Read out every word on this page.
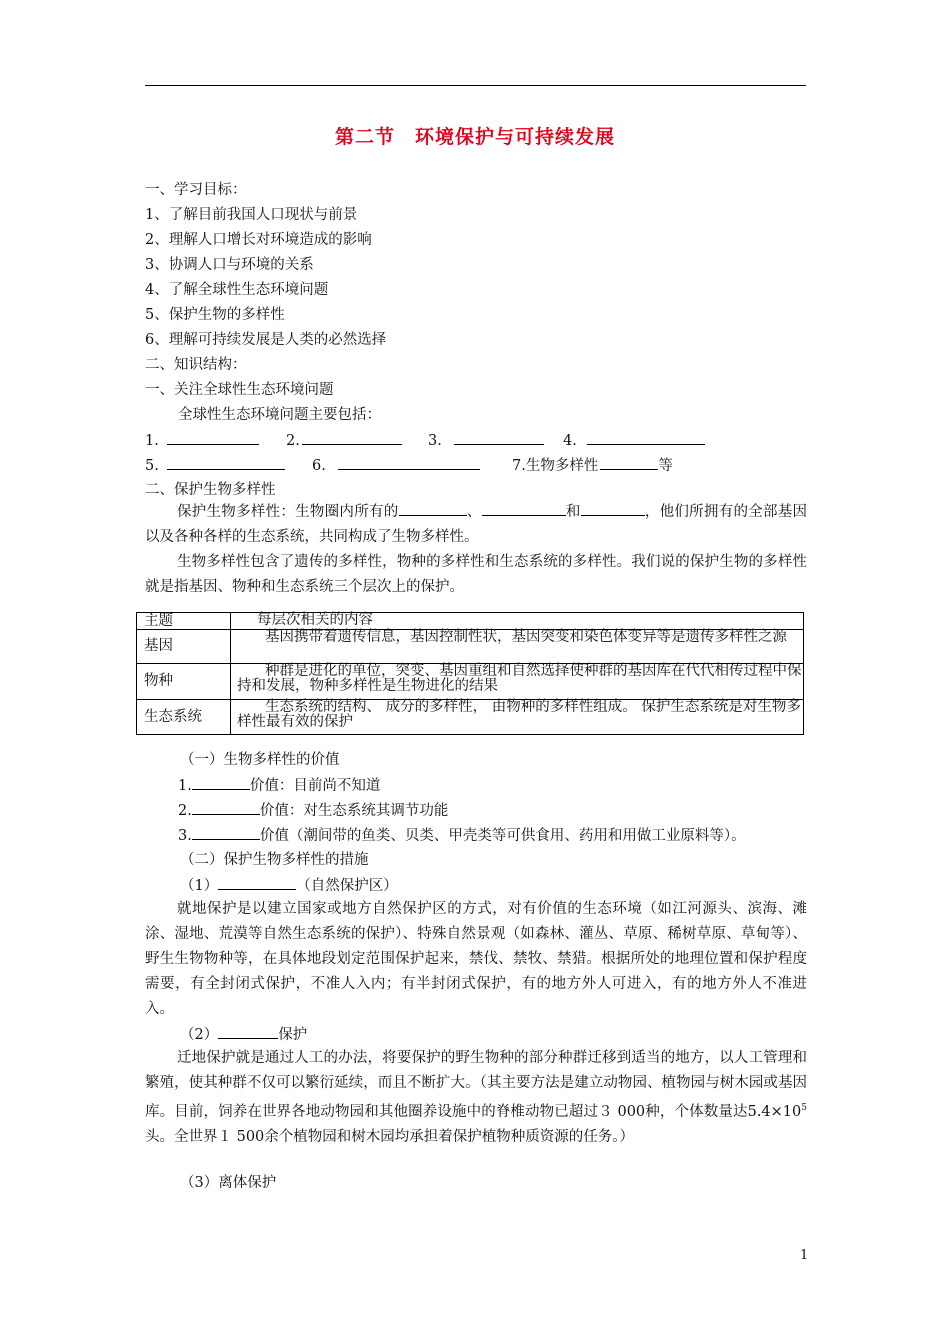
第二节　环境保护与可持续发展
一、学习目标：
1、了解目前我国人口现状与前景
2、理解人口增长对环境造成的影响
3、协调人口与环境的关系
4、了解全球性生态环境问题
5、保护生物的多样性
6、理解可持续发展是人类的必然选择
二、知识结构：
一、关注全球性生态环境问题
全球性生态环境问题主要包括：
1.	2.	3.	4.
5.	6.	7.生物多样性	等
二、保护生物多样性

保护生物多样性：生物圈内所有的	、	和	，他们所拥有的全部基因以及各种各样的生态系统，共同构成了生物多样性。

生物多样性包含了遗传的多样性，物种的多样性和生态系统的多样性。我们说的保护生物的多样性就是指基因、物种和生态系统三个层次上的保护。
主题	每层次相关的内容
基因	基因携带着遗传信息，基因控制性状，基因突变和染色体变异等是遗传多样性之源
物种	种群是进化的单位，突变、基因重组和自然选择使种群的基因库在代代相传过程中保持和发展，物种多样性是生物进化的结果
生态系统	生态系统的结构、 成分的多样性， 由物种的多样性组成。 保护生态系统是对生物多样性最有效的保护
（一）生物多样性的价值
1.	价值：目前尚不知道
2.	价值：对生态系统其调节功能
3.	价值（潮间带的鱼类、贝类、甲壳类等可供食用、药用和用做工业原料等）。
（二）保护生物多样性的措施
（1）	（自然保护区）
就地保护是以建立国家或地方自然保护区的方式，对有价值的生态环境（如江河源头、滨海、滩涂、湿地、荒漠等自然生态系统的保护）、特殊自然景观（如森林、灌丛、草原、稀树草原、草甸等）、野生生物物种等，在具体地段划定范围保护起来，禁伐、禁牧、禁猎。根据所处的地理位置和保护程度需要，有全封闭式保护，不准人入内；有半封闭式保护，有的地方外人可进入，有的地方外人不准进入。
（2）	保护
迁地保护就是通过人工的办法，将要保护的野生物种的部分种群迁移到适当的地方，以人工管理和繁殖，使其种群不仅可以繁衍延续，而且不断扩大。（其主要方法是建立动物园、植物园与树木园或基因库。目前，饲养在世界各地动物园和其他圈养设施中的脊椎动物已超过３ 000种，个体数量达$5.4\times 10^5$头。全世界１ 500余个植物园和树木园均承担着保护植物种质资源的任务。）
（3）离体保护
1
